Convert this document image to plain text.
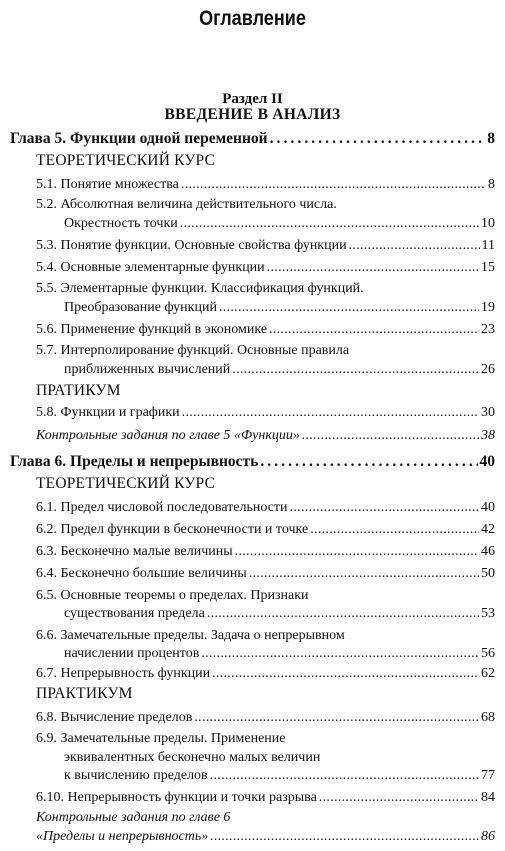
Оглавление
Раздел II
ВВЕДЕНИЕ В АНАЛИЗ
Глава 5. Функции одной переменной . . .	8
ТЕОРЕТИЧЕСКИЙ КУРС
5.1. Понятие множества . . .	8
5.2. Абсолютная величина действительного числа.
Окрестность точки . . .	10
5.3. Понятие функции. Основные свойства функции . . .	11
5.4. Основные элементарные функции . . .	15
5.5. Элементарные функции. Классификация функций.
Преобразование функций . . .	19
5.6. Применение функций в экономике . . .	23
5.7. Интерполирование функций. Основные правила
приближенных вычислений . . .	26
ПРАТИКУМ
5.8. Функции и графики . . .	30
Контрольные задания по главе 5 «Функции» . . .	38
Глава 6. Пределы и непрерывность . . .	40
ТЕОРЕТИЧЕСКИЙ КУРС
6.1. Предел числовой последовательности . . .	40
6.2. Предел функции в бесконечности и точке . . .	42
6.3. Бесконечно малые величины . . .	46
6.4. Бесконечно большие величины . . .	50
6.5. Основные теоремы о пределах. Признаки
существования предела . . .	53
6.6. Замечательные пределы. Задача о непрерывном
начислении процентов . . .	56
6.7. Непрерывность функции . . .	62
ПРАКТИКУМ
6.8. Вычисление пределов . . .	68
6.9. Замечательные пределы. Применение
эквивалентных бесконечно малых величин
к вычислению пределов . . .	77
6.10. Непрерывность функции и точки разрыва . . .	84
Контрольные задания по главе 6
«Пределы и непрерывность» . . .	86
